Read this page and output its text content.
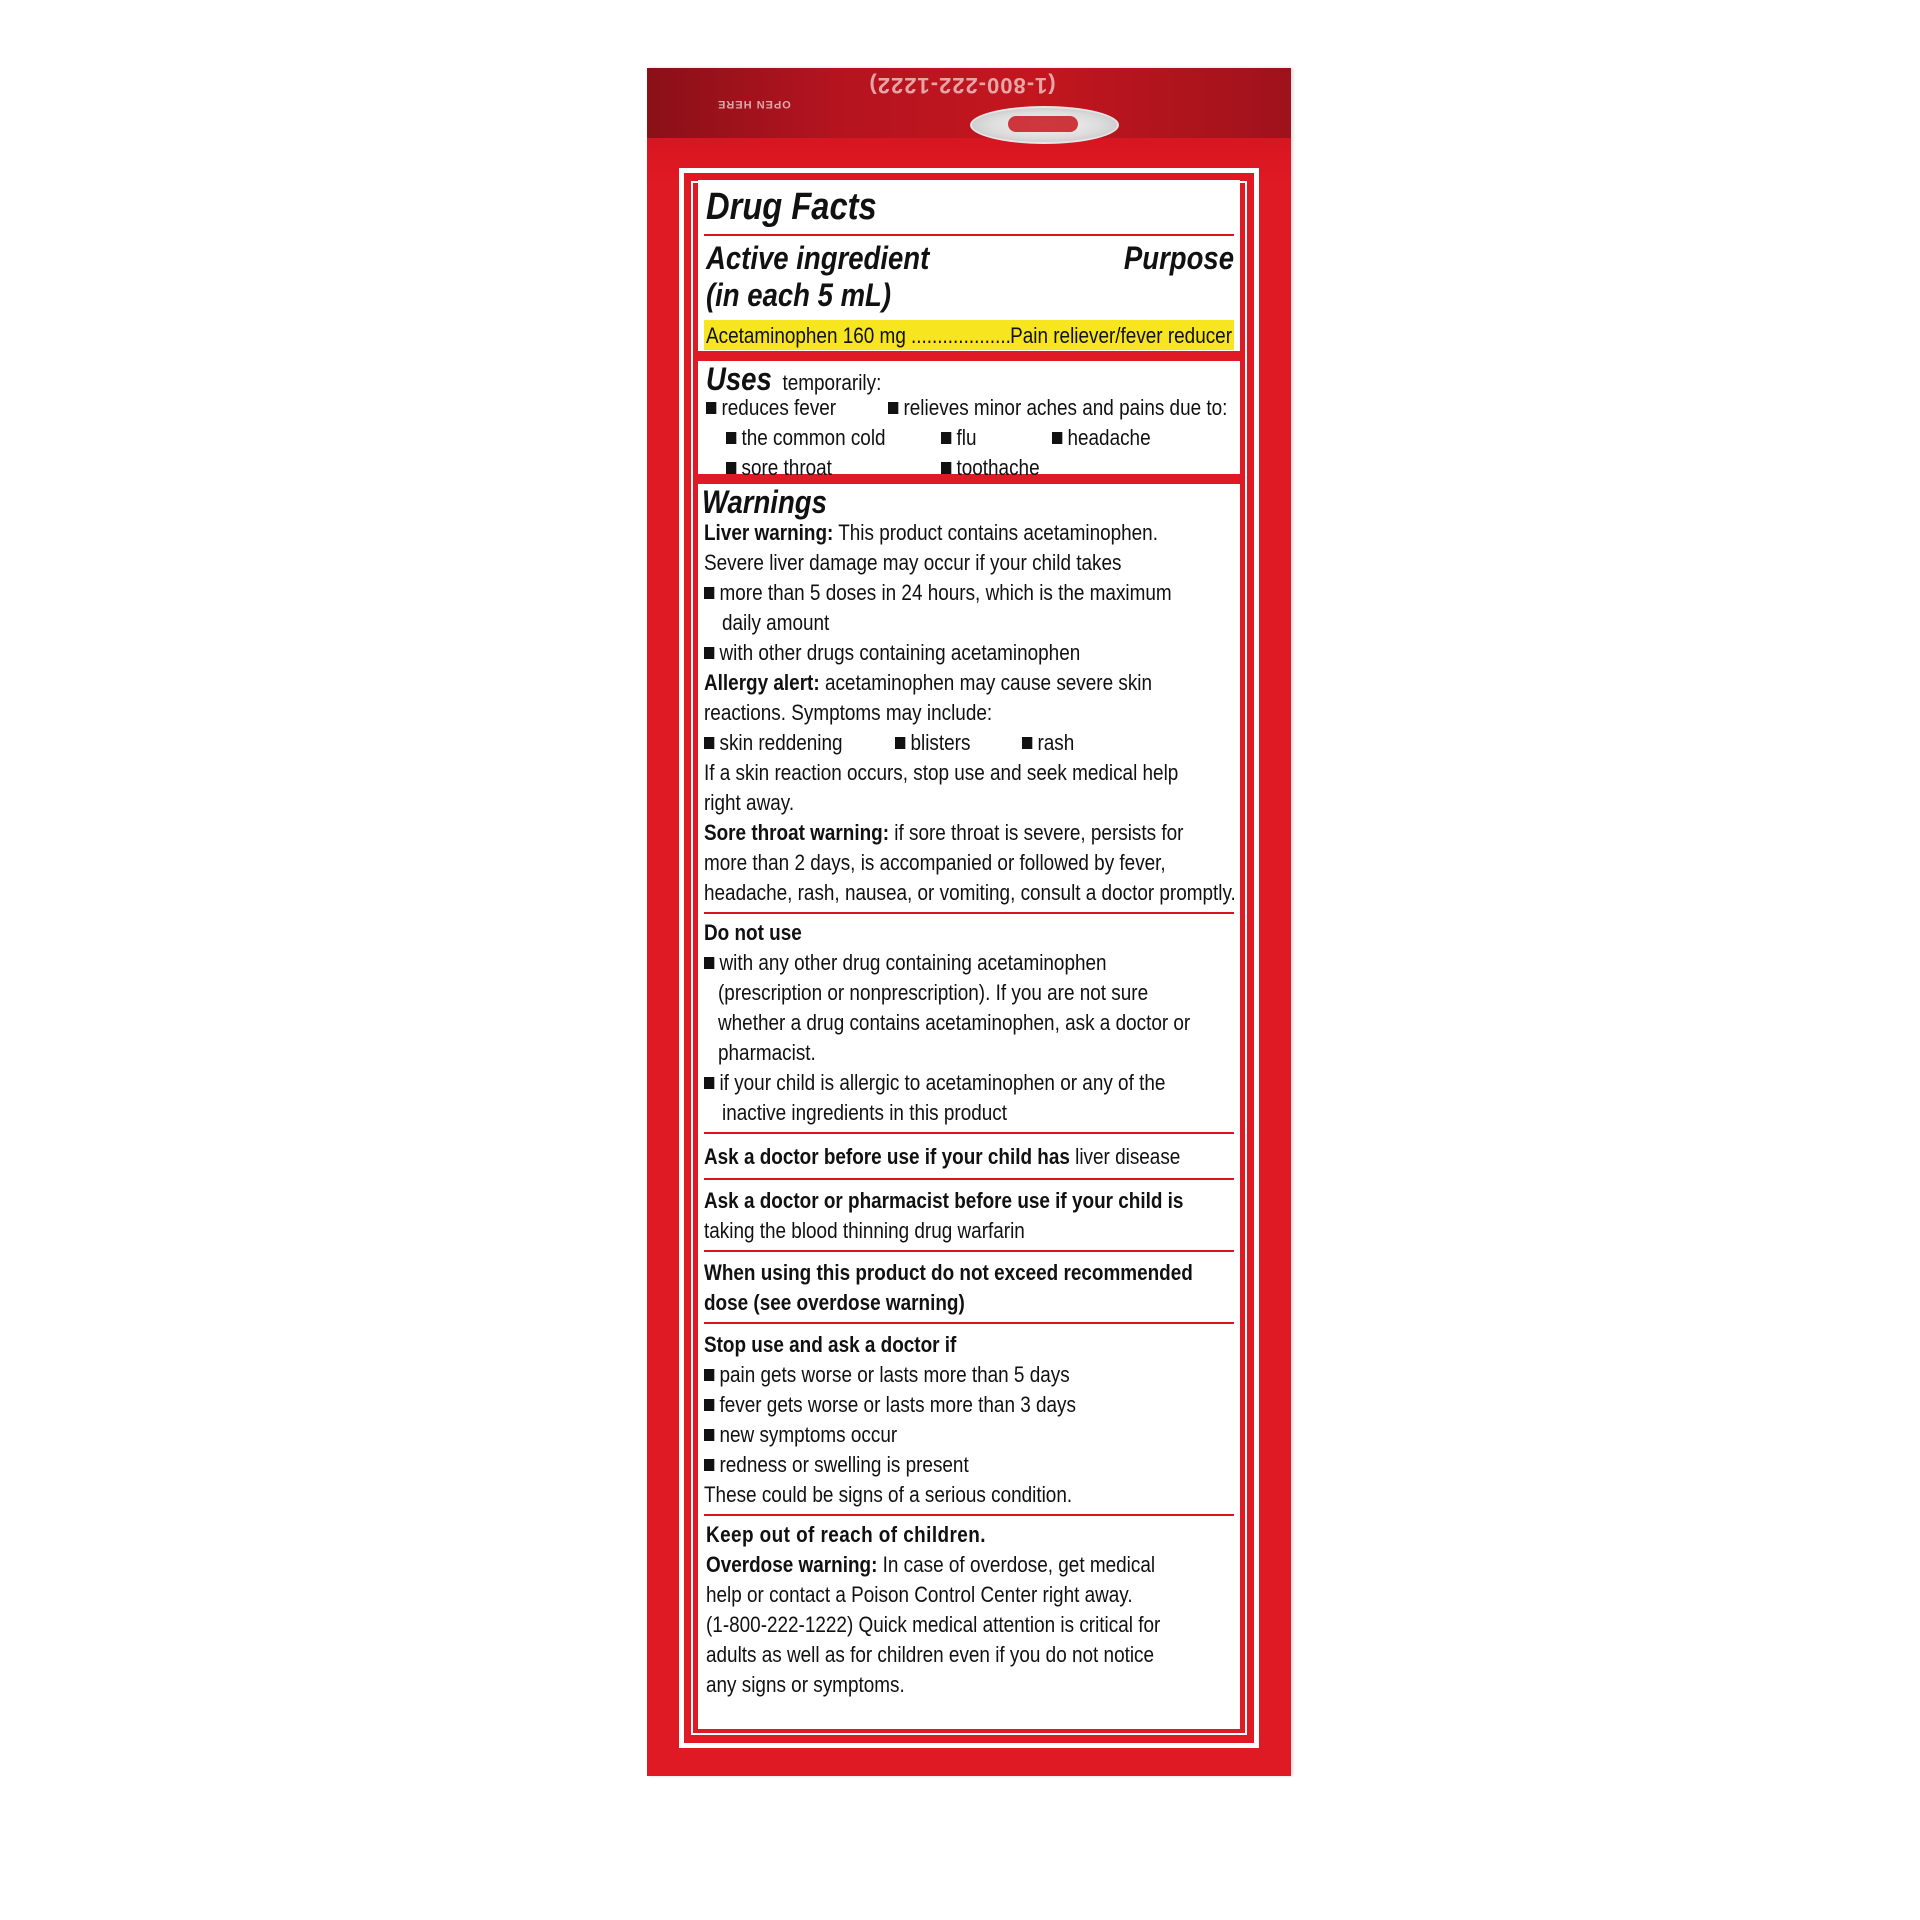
(1-800-222-1222)
OPEN HERE
Drug Facts
Active ingredient
(in each 5 mL)
Purpose
Acetaminophen 160 mg ................... Pain reliever/fever reducer
Uses temporarily:
reduces fever	relieves minor aches and pains due to:
the common cold	flu	headache
sore throat	toothache
Warnings
Liver warning: This product contains acetaminophen.
Severe liver damage may occur if your child takes
more than 5 doses in 24 hours, which is the maximum
daily amount
with other drugs containing acetaminophen
Allergy alert: acetaminophen may cause severe skin
reactions. Symptoms may include:
skin reddening	blisters	rash
If a skin reaction occurs, stop use and seek medical help
right away.
Sore throat warning: if sore throat is severe, persists for
more than 2 days, is accompanied or followed by fever,
headache, rash, nausea, or vomiting, consult a doctor promptly.
Do not use
with any other drug containing acetaminophen
(prescription or nonprescription). If you are not sure
whether a drug contains acetaminophen, ask a doctor or
pharmacist.
if your child is allergic to acetaminophen or any of the
inactive ingredients in this product
Ask a doctor before use if your child has liver disease
Ask a doctor or pharmacist before use if your child is
taking the blood thinning drug warfarin
When using this product do not exceed recommended
dose (see overdose warning)
Stop use and ask a doctor if
pain gets worse or lasts more than 5 days
fever gets worse or lasts more than 3 days
new symptoms occur
redness or swelling is present
These could be signs of a serious condition.
Keep out of reach of children.
Overdose warning: In case of overdose, get medical
help or contact a Poison Control Center right away.
(1-800-222-1222) Quick medical attention is critical for
adults as well as for children even if you do not notice
any signs or symptoms.
